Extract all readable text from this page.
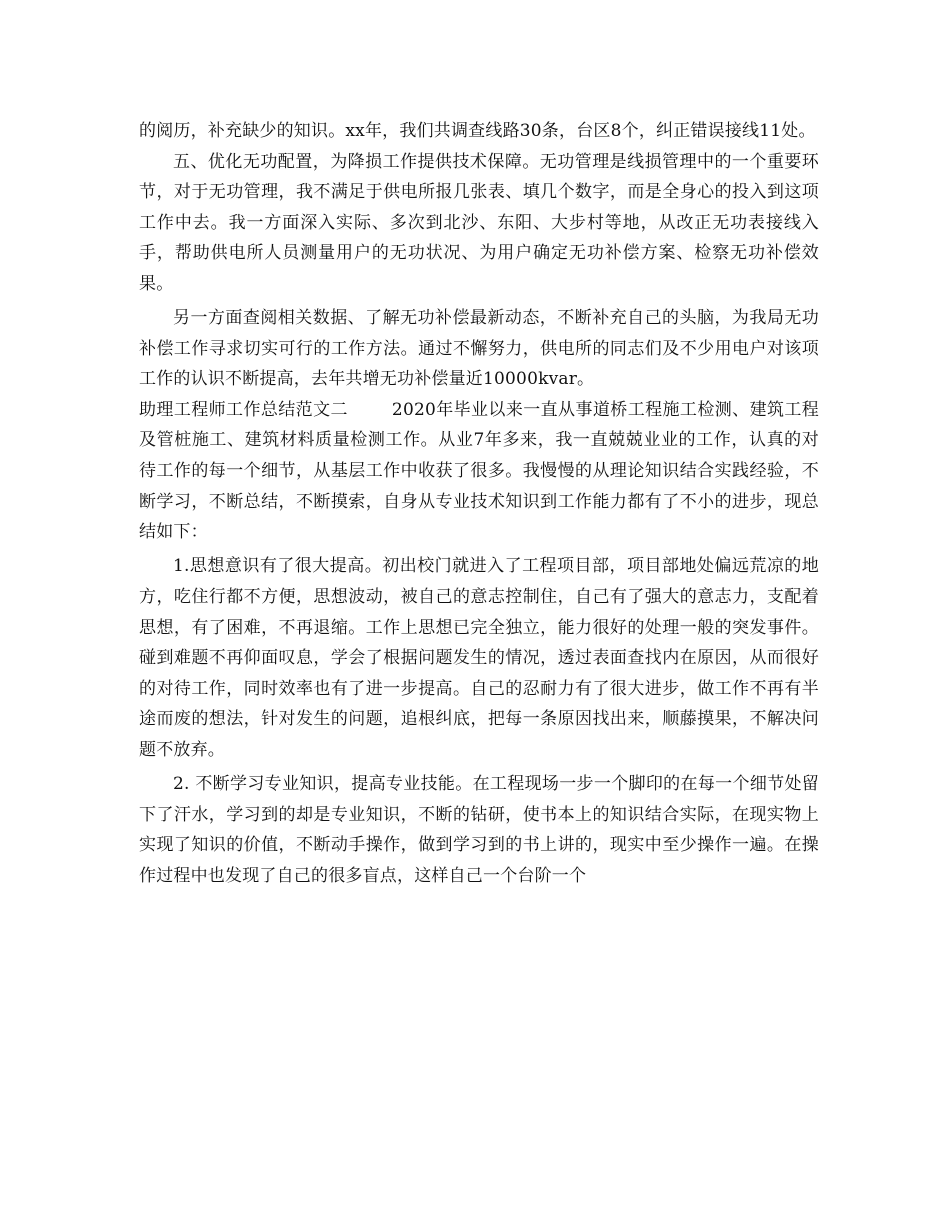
的阅历，补充缺少的知识。xx年，我们共调查线路30条，台区8个，纠正错误接线11处。

五、优化无功配置，为降损工作提供技术保障。无功管理是线损管理中的一个重要环节，对于无功管理，我不满足于供电所报几张表、填几个数字，而是全身心的投入到这项工作中去。我一方面深入实际、多次到北沙、东阳、大步村等地，从改正无功表接线入手，帮助供电所人员测量用户的无功状况、为用户确定无功补偿方案、检察无功补偿效果。

另一方面查阅相关数据、了解无功补偿最新动态，不断补充自己的头脑，为我局无功补偿工作寻求切实可行的工作方法。通过不懈努力，供电所的同志们及不少用电户对该项工作的认识不断提高，去年共增无功补偿量近10000kvar。

助理工程师工作总结范文二	2020年毕业以来一直从事道桥工程施工检测、建筑工程及管桩施工、建筑材料质量检测工作。从业7年多来，我一直兢兢业业的工作，认真的对待工作的每一个细节，从基层工作中收获了很多。我慢慢的从理论知识结合实践经验，不断学习，不断总结，不断摸索，自身从专业技术知识到工作能力都有了不小的进步，现总结如下：

1.思想意识有了很大提高。初出校门就进入了工程项目部，项目部地处偏远荒凉的地方，吃住行都不方便，思想波动，被自己的意志控制住，自己有了强大的意志力，支配着思想，有了困难，不再退缩。工作上思想已完全独立，能力很好的处理一般的突发事件。碰到难题不再仰面叹息，学会了根据问题发生的情况，透过表面查找内在原因，从而很好的对待工作，同时效率也有了进一步提高。自己的忍耐力有了很大进步，做工作不再有半途而废的想法，针对发生的问题，追根纠底，把每一条原因找出来，顺藤摸果，不解决问题不放弃。

2. 不断学习专业知识，提高专业技能。在工程现场一步一个脚印的在每一个细节处留下了汗水，学习到的却是专业知识，不断的钻研，使书本上的知识结合实际，在现实物上实现了知识的价值，不断动手操作，做到学习到的书上讲的，现实中至少操作一遍。在操作过程中也发现了自己的很多盲点，这样自己一个台阶一个
